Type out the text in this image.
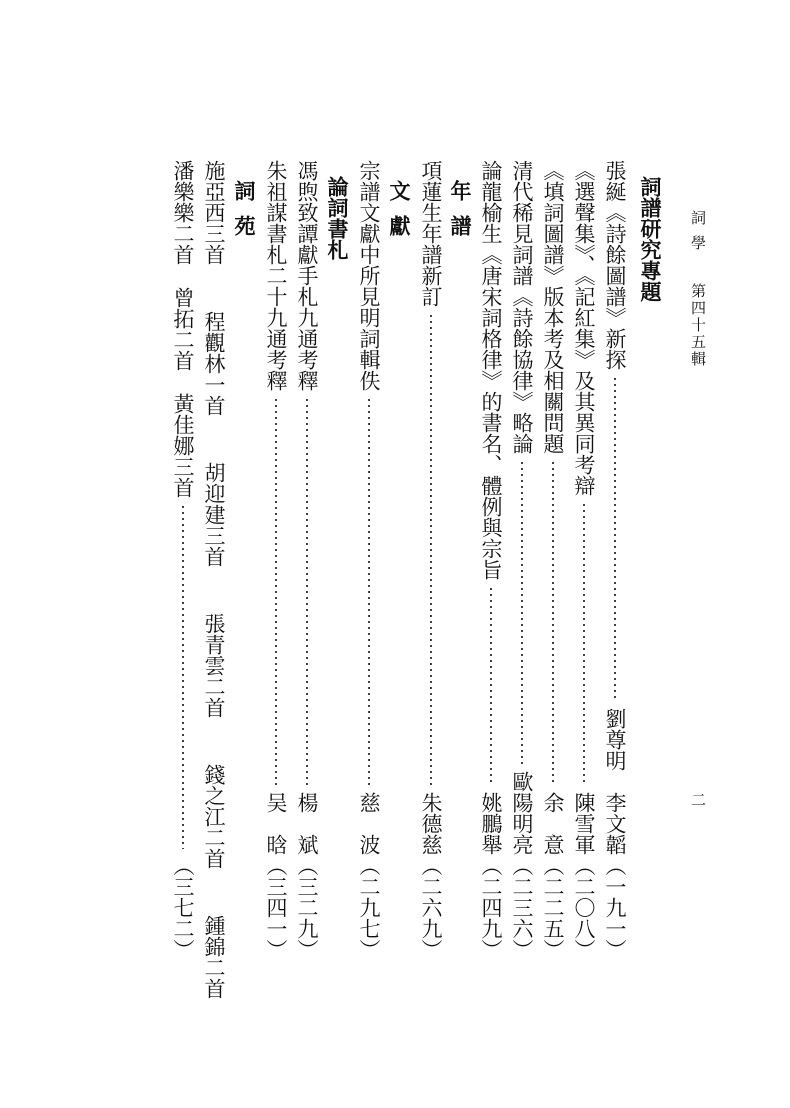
詞學
第四十五輯
二
詞譜研究專題
張綖《詩餘圖譜》新探
劉尊明　李文韜
（一九一）
《選聲集》、《記紅集》及其異同考辯
陳雪軍
（二〇八）
《填詞圖譜》版本考及相關問題
余　意
（二二五）
清代稀見詞譜《詩餘協律》略論
歐陽明亮
（二三六）
論龍榆生《唐宋詞格律》的書名、體例與宗旨
姚鵬舉
（二四九）
年譜
項蓮生年譜新訂
朱德慈
（二六九）
文獻
宗譜文獻中所見明詞輯佚
慈　波
（二九七）
論詞書札
馮煦致譚獻手札九通考釋
楊　斌
（三二九）
朱祖謀書札二十九通考釋
吴　晗
（三四一）
詞苑
施亞西三首 程觀林一首 胡迎建三首 張青雲二首 錢之江二首 鍾錦二首
潘樂樂二首曾拓二首黃佳娜三首
（三七二）
